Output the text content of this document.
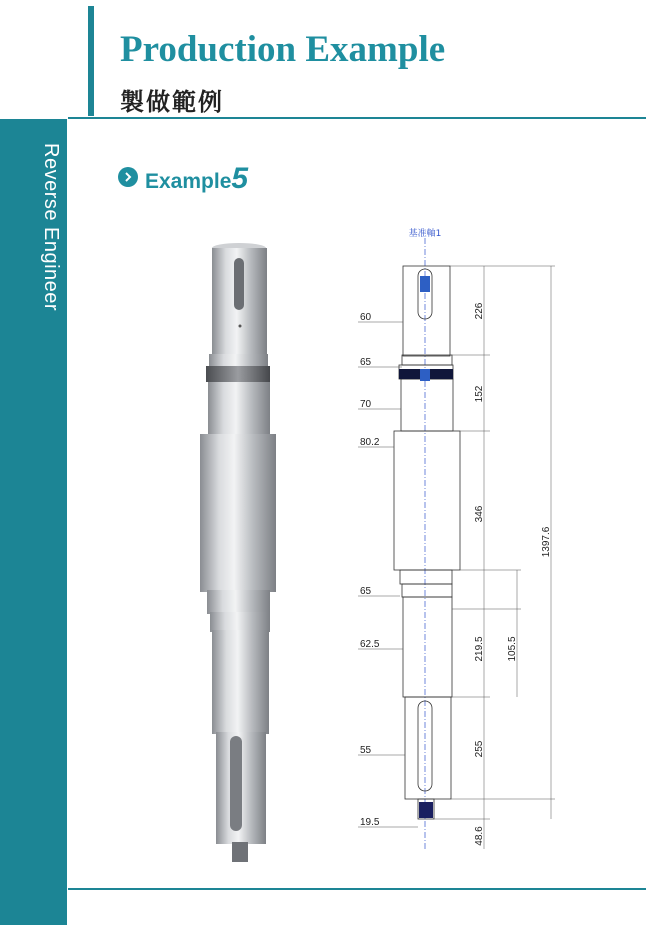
Production Example
製做範例
Reverse Engineer	Example5
基准軸1
60
65
70
80.2
65
62.5
55
19.5
226
152
346
219.5 105.5
255
48.6
1397.6
